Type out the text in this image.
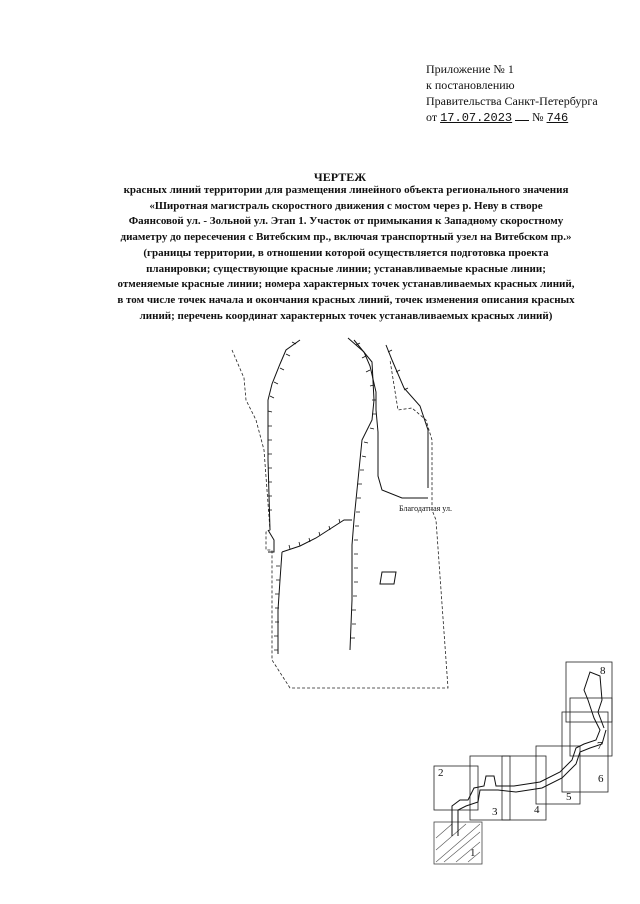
Приложение № 1
к постановлению
Правительства Санкт-Петербурга
от 17.07.2023 № 746
ЧЕРТЕЖ
красных линий территории для размещения линейного объекта регионального значения
«Широтная магистраль скоростного движения с мостом через р. Неву в створе
Фаянсовой ул. - Зольной ул. Этап 1. Участок от примыкания к Западному скоростному
диаметру до пересечения с Витебским пр., включая транспортный узел на Витебском пр.»
(границы территории, в отношении которой осуществляется подготовка проекта
планировки; существующие красные линии; устанавливаемые красные линии;
отменяемые красные линии; номера характерных точек устанавливаемых красных линий,
в том числе точек начала и окончания красных линий, точек изменения описания красных
линий; перечень координат характерных точек устанавливаемых красных линий)
2
1
3	4
5
6
7
8
Благодатная ул.
